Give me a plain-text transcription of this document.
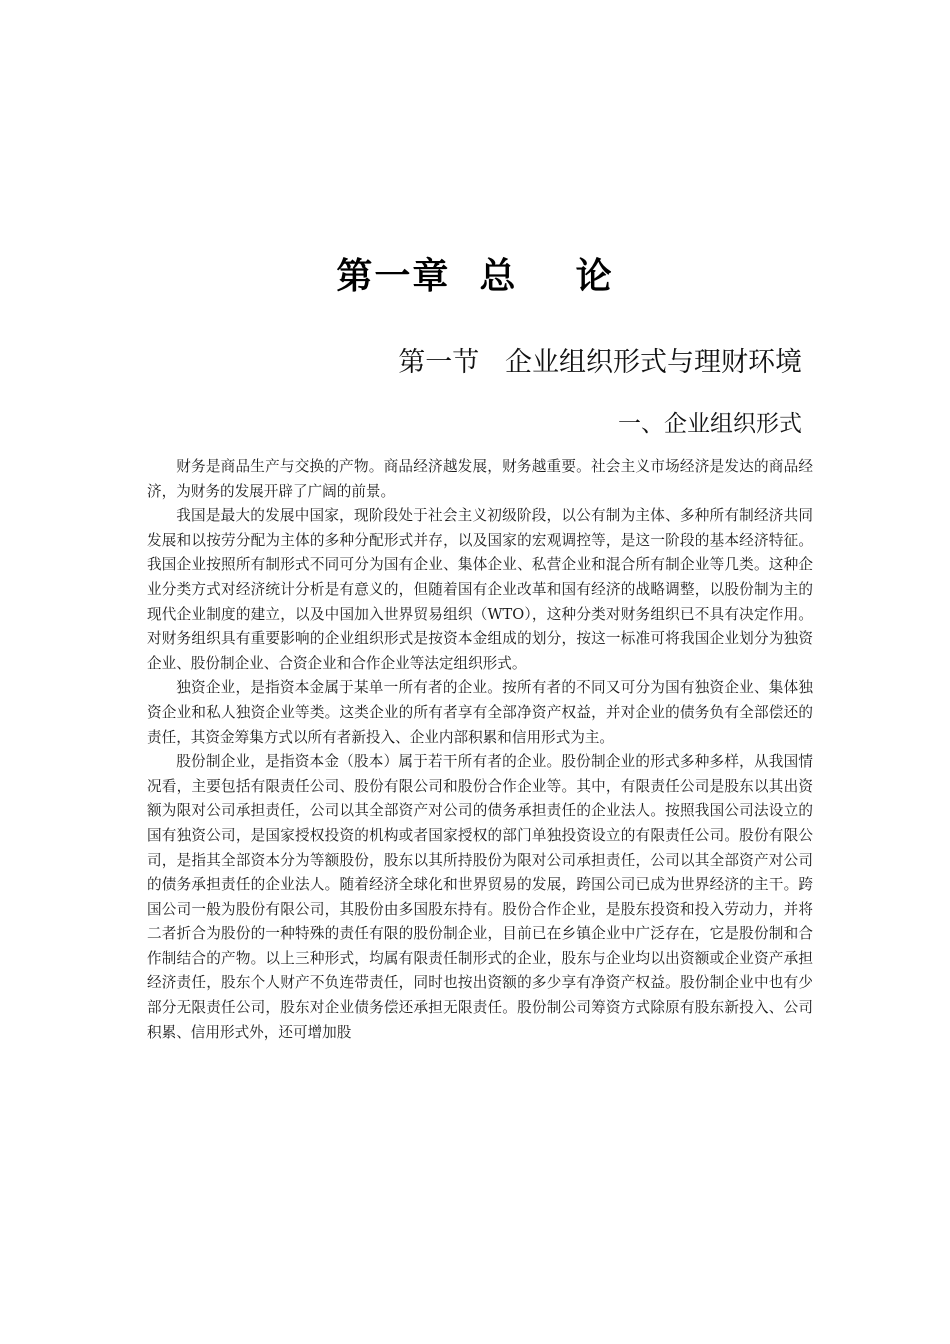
第一章  总    论
第一节   企业组织形式与理财环境
一、企业组织形式

财务是商品生产与交换的产物。商品经济越发展，财务越重要。社会主义市场经济是发达的商品经济，为财务的发展开辟了广阔的前景。

我国是最大的发展中国家，现阶段处于社会主义初级阶段，以公有制为主体、多种所有制经济共同发展和以按劳分配为主体的多种分配形式并存，以及国家的宏观调控等，是这一阶段的基本经济特征。我国企业按照所有制形式不同可分为国有企业、集体企业、私营企业和混合所有制企业等几类。这种企业分类方式对经济统计分析是有意义的，但随着国有企业改革和国有经济的战略调整，以股份制为主的现代企业制度的建立，以及中国加入世界贸易组织（WTO），这种分类对财务组织已不具有决定作用。对财务组织具有重要影响的企业组织形式是按资本金组成的划分，按这一标准可将我国企业划分为独资企业、股份制企业、合资企业和合作企业等法定组织形式。

独资企业，是指资本金属于某单一所有者的企业。按所有者的不同又可分为国有独资企业、集体独资企业和私人独资企业等类。这类企业的所有者享有全部净资产权益，并对企业的债务负有全部偿还的责任，其资金筹集方式以所有者新投入、企业内部积累和信用形式为主。

股份制企业，是指资本金（股本）属于若干所有者的企业。股份制企业的形式多种多样，从我国情况看，主要包括有限责任公司、股份有限公司和股份合作企业等。其中，有限责任公司是股东以其出资额为限对公司承担责任，公司以其全部资产对公司的债务承担责任的企业法人。按照我国公司法设立的国有独资公司，是国家授权投资的机构或者国家授权的部门单独投资设立的有限责任公司。股份有限公司，是指其全部资本分为等额股份，股东以其所持股份为限对公司承担责任，公司以其全部资产对公司的债务承担责任的企业法人。随着经济全球化和世界贸易的发展，跨国公司已成为世界经济的主干。跨国公司一般为股份有限公司，其股份由多国股东持有。股份合作企业，是股东投资和投入劳动力，并将二者折合为股份的一种特殊的责任有限的股份制企业，目前已在乡镇企业中广泛存在，它是股份制和合作制结合的产物。以上三种形式，均属有限责任制形式的企业，股东与企业均以出资额或企业资产承担经济责任，股东个人财产不负连带责任，同时也按出资额的多少享有净资产权益。股份制企业中也有少部分无限责任公司，股东对企业债务偿还承担无限责任。股份制公司筹资方式除原有股东新投入、公司积累、信用形式外，还可增加股
